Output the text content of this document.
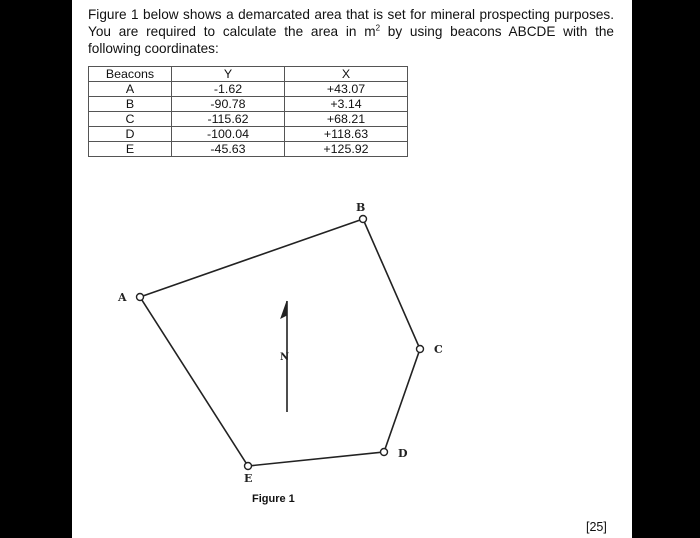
Figure 1 below shows a demarcated area that is set for mineral prospecting purposes. You are required to calculate the area in $m^2$ by using beacons ABCDE with the following coordinates:

Beacons	Y	X
A	-1.62	+43.07
B	-90.78	+3.14
C	-115.62	+68.21
D	-100.04	+118.63
E	-45.63	+125.92
A
B
C
D
E
N
Figure 1
[25]
